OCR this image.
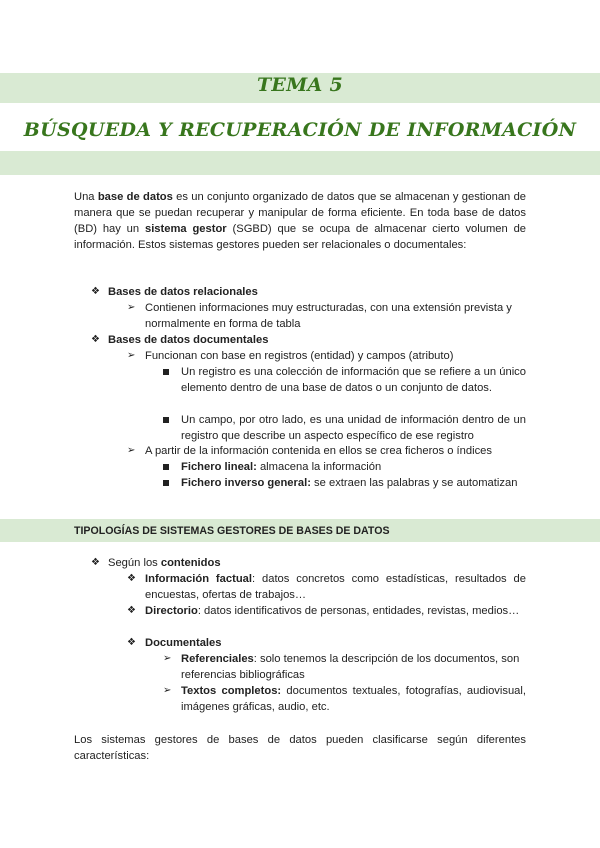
TEMA 5
BÚSQUEDA Y RECUPERACIÓN DE INFORMACIÓN

Una base de datos es un conjunto organizado de datos que se almacenan y gestionan de manera que se puedan recuperar y manipular de forma eficiente. En toda base de datos (BD) hay un sistema gestor (SGBD) que se ocupa de almacenar cierto volumen de información. Estos sistemas gestores pueden ser relacionales o documentales:

❖ Bases de datos relacionales

➢ Contienen informaciones muy estructuradas, con una extensión prevista y normalmente en forma de tabla

❖ Bases de datos documentales

➢ Funcionan con base en registros (entidad) y campos (atributo)

Un registro es una colección de información que se refiere a un único elemento dentro de una base de datos o un conjunto de datos.

Un campo, por otro lado, es una unidad de información dentro de un registro que describe un aspecto específico de ese registro

➢ A partir de la información contenida en ellos se crea ficheros o índices

Fichero lineal: almacena la información

Fichero inverso general: se extraen las palabras y se automatizan

TIPOLOGÍAS DE SISTEMAS GESTORES DE BASES DE DATOS
❖ Según los contenidos

❖ Información factual: datos concretos como estadísticas, resultados de encuestas, ofertas de trabajos…

❖ Directorio: datos identificativos de personas, entidades, revistas, medios…

❖ Documentales

➢ Referenciales: solo tenemos la descripción de los documentos, son referencias bibliográficas

➢ Textos completos: documentos textuales, fotografías, audiovisual, imágenes gráficas, audio, etc.

Los sistemas gestores de bases de datos pueden clasificarse según diferentes características:
